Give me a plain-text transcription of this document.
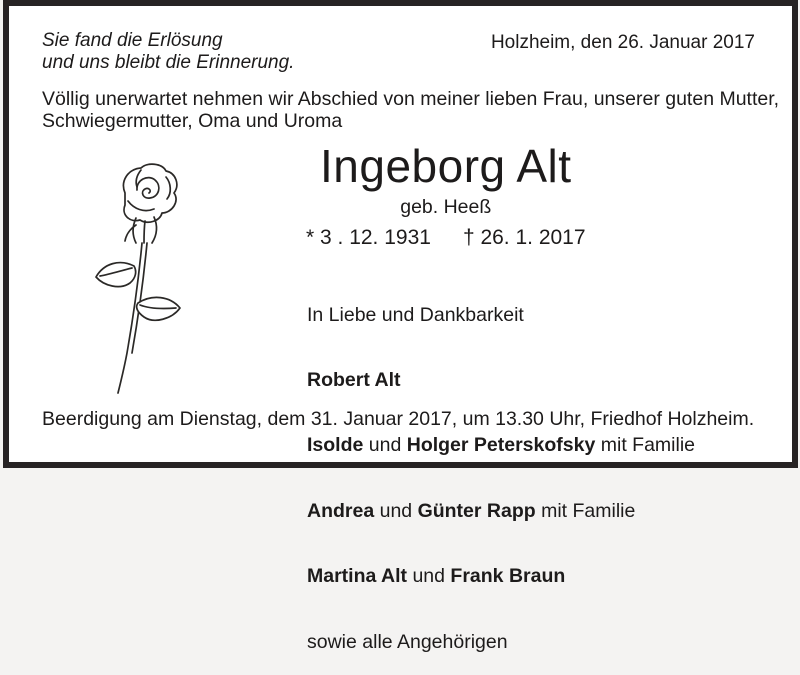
Sie fand die Erlösung
und uns bleibt die Erinnerung.
Holzheim, den 26. Januar 2017
Völlig unerwartet nehmen wir Abschied von meiner lieben Frau, unserer guten Mutter,
Schwiegermutter, Oma und Uroma
Ingeborg Alt
geb. Heeß
* 3 . 12. 1931 † 26. 1. 2017

In Liebe und Dankbarkeit

Robert Alt

Isolde und Holger Peterskofsky mit Familie

Andrea und Günter Rapp mit Familie

Martina Alt und Frank Braun

sowie alle Angehörigen

Beerdigung am Dienstag, dem 31. Januar 2017, um 13.30 Uhr, Friedhof Holzheim.
